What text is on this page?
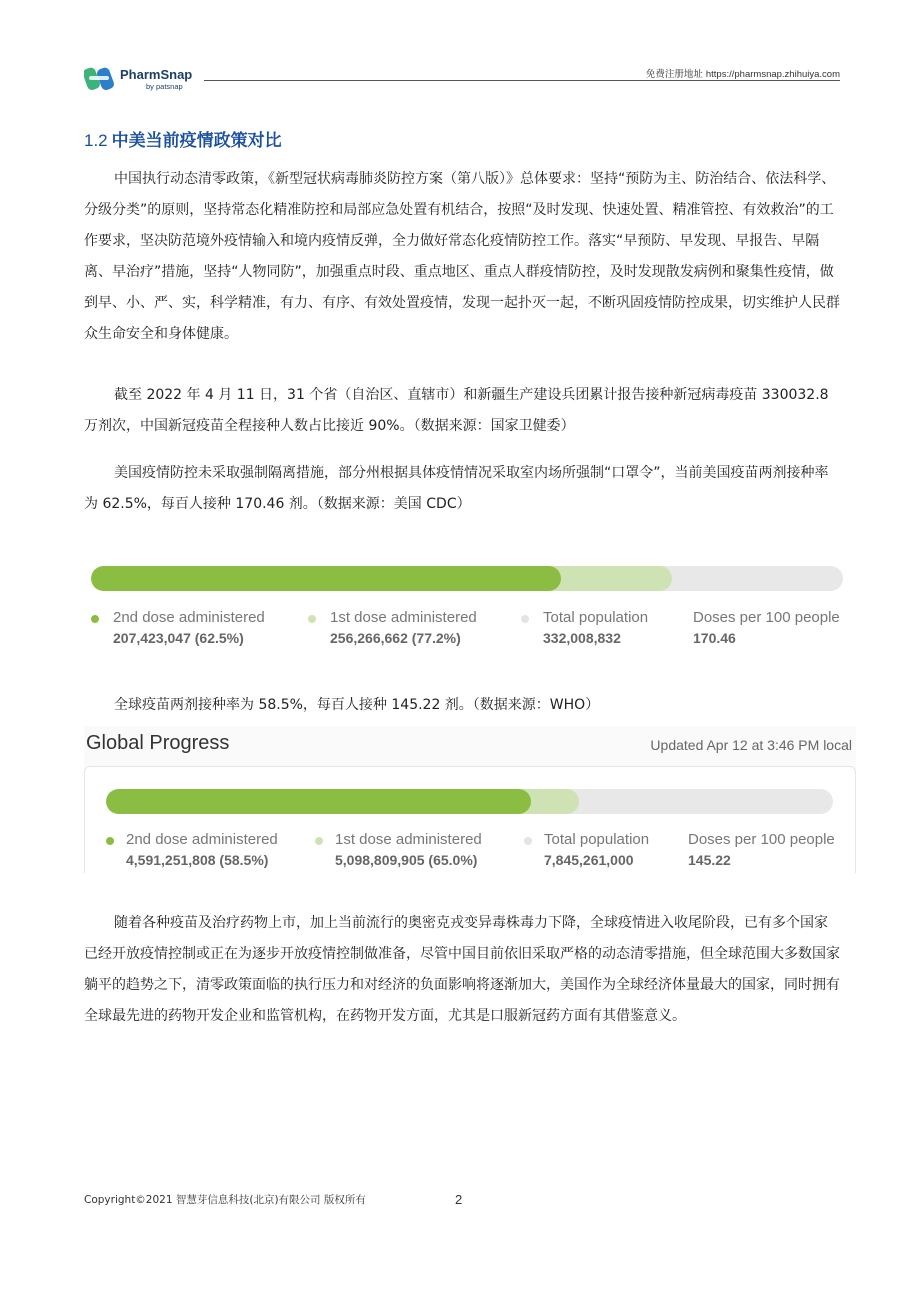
PharmSnap
by patsnap
免费注册地址 https://pharmsnap.zhihuiya.com
1.2 中美当前疫情政策对比

中国执行动态清零政策，《新型冠状病毒肺炎防控方案（第八版）》总体要求：坚持“预防为主、防治结合、依法科学、分级分类”的原则，坚持常态化精准防控和局部应急处置有机结合，按照“及时发现、快速处置、精准管控、有效救治”的工作要求，坚决防范境外疫情输入和境内疫情反弹，全力做好常态化疫情防控工作。落实“早预防、早发现、早报告、早隔离、早治疗”措施，坚持“人物同防”，加强重点时段、重点地区、重点人群疫情防控，及时发现散发病例和聚集性疫情，做到早、小、严、实，科学精准，有力、有序、有效处置疫情，发现一起扑灭一起，不断巩固疫情防控成果，切实维护人民群众生命安全和身体健康。

截至 2022 年 4 月 11 日，31 个省（自治区、直辖市）和新疆生产建设兵团累计报告接种新冠病毒疫苗 330032.8 万剂次，中国新冠疫苗全程接种人数占比接近 90%。（数据来源：国家卫健委）

美国疫情防控未采取强制隔离措施，部分州根据具体疫情情况采取室内场所强制“口罩令”，当前美国疫苗两剂接种率为 62.5%，每百人接种 170.46 剂。（数据来源：美国 CDC）

2nd dose administered
207,423,047 (62.5%)
1st dose administered
256,266,662 (77.2%)
Total population
332,008,832
Doses per 100 people
170.46

全球疫苗两剂接种率为 58.5%，每百人接种 145.22 剂。（数据来源：WHO）

Global Progress	Updated Apr 12 at 3:46 PM local
2nd dose administered
4,591,251,808 (58.5%)
1st dose administered
5,098,809,905 (65.0%)
Total population
7,845,261,000
Doses per 100 people
145.22

随着各种疫苗及治疗药物上市，加上当前流行的奥密克戎变异毒株毒力下降，全球疫情进入收尾阶段，已有多个国家已经开放疫情控制或正在为逐步开放疫情控制做准备，尽管中国目前依旧采取严格的动态清零措施，但全球范围大多数国家躺平的趋势之下，清零政策面临的执行压力和对经济的负面影响将逐渐加大，美国作为全球经济体量最大的国家，同时拥有全球最先进的药物开发企业和监管机构，在药物开发方面，尤其是口服新冠药方面有其借鉴意义。

Copyright©2021 智慧芽信息科技(北京)有限公司 版权所有	2
